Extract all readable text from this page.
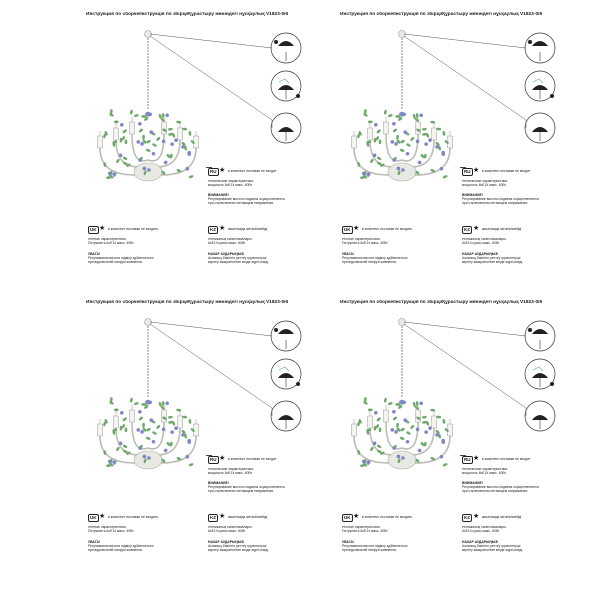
Инструкция по сборке/Інструкція по збірці/Құрастыру жөніндегі нұсқаулық V1823-0/6
RU ★ в комплект поставки не входит
технические характеристики:
мощность 6хЕ14 макс. 40Вт
ВНИМАНИЕ!
Регулирование высоты подвеса осуществляется
при отключенном питающем напряжении.
UK ★ в комплект поставки не входить
технічні характеристики:
Потужність 6хЕ14 макс. 40Вт
УВАГА!
Регулювання висоти підвісу здійснюється
при відключеній напрузі живлення.
KZ ★ жиынтыққа жеткізілмейді
техникалық сипаттамалары:
6хЕ14 куаты макс. 40Вт
НАЗАР АУДАРЫҢЫЗ!
Аспаның биіктігін реттеу қоректенуші
кернеу ажыратылған кезде жүргізіледі.
Инструкция по сборке/Інструкція по збірці/Құрастыру жөніндегі нұсқаулық V1823-0/6
RU ★ в комплект поставки не входит
технические характеристики:
мощность 6хЕ14 макс. 40Вт
ВНИМАНИЕ!
Регулирование высоты подвеса осуществляется
при отключенном питающем напряжении.
UK ★ в комплект поставки не входить
технічні характеристики:
Потужність 6хЕ14 макс. 40Вт
УВАГА!
Регулювання висоти підвісу здійснюється
при відключеній напрузі живлення.
KZ ★ жиынтыққа жеткізілмейді
техникалық сипаттамалары:
6хЕ14 куаты макс. 40Вт
НАЗАР АУДАРЫҢЫЗ!
Аспаның биіктігін реттеу қоректенуші
кернеу ажыратылған кезде жүргізіледі.
Инструкция по сборке/Інструкція по збірці/Құрастыру жөніндегі нұсқаулық V1823-0/6
RU ★ в комплект поставки не входит
технические характеристики:
мощность 6хЕ14 макс. 40Вт
ВНИМАНИЕ!
Регулирование высоты подвеса осуществляется
при отключенном питающем напряжении.
UK ★ в комплект поставки не входить
технічні характеристики:
Потужність 6хЕ14 макс. 40Вт
УВАГА!
Регулювання висоти підвісу здійснюється
при відключеній напрузі живлення.
KZ ★ жиынтыққа жеткізілмейді
техникалық сипаттамалары:
6хЕ14 куаты макс. 40Вт
НАЗАР АУДАРЫҢЫЗ!
Аспаның биіктігін реттеу қоректенуші
кернеу ажыратылған кезде жүргізіледі.
Инструкция по сборке/Інструкція по збірці/Құрастыру жөніндегі нұсқаулық V1823-0/6
RU ★ в комплект поставки не входит
технические характеристики:
мощность 6хЕ14 макс. 40Вт
ВНИМАНИЕ!
Регулирование высоты подвеса осуществляется
при отключенном питающем напряжении.
UK ★ в комплект поставки не входить
технічні характеристики:
Потужність 6хЕ14 макс. 40Вт
УВАГА!
Регулювання висоти підвісу здійснюється
при відключеній напрузі живлення.
KZ ★ жиынтыққа жеткізілмейді
техникалық сипаттамалары:
6хЕ14 куаты макс. 40Вт
НАЗАР АУДАРЫҢЫЗ!
Аспаның биіктігін реттеу қоректенуші
кернеу ажыратылған кезде жүргізіледі.
